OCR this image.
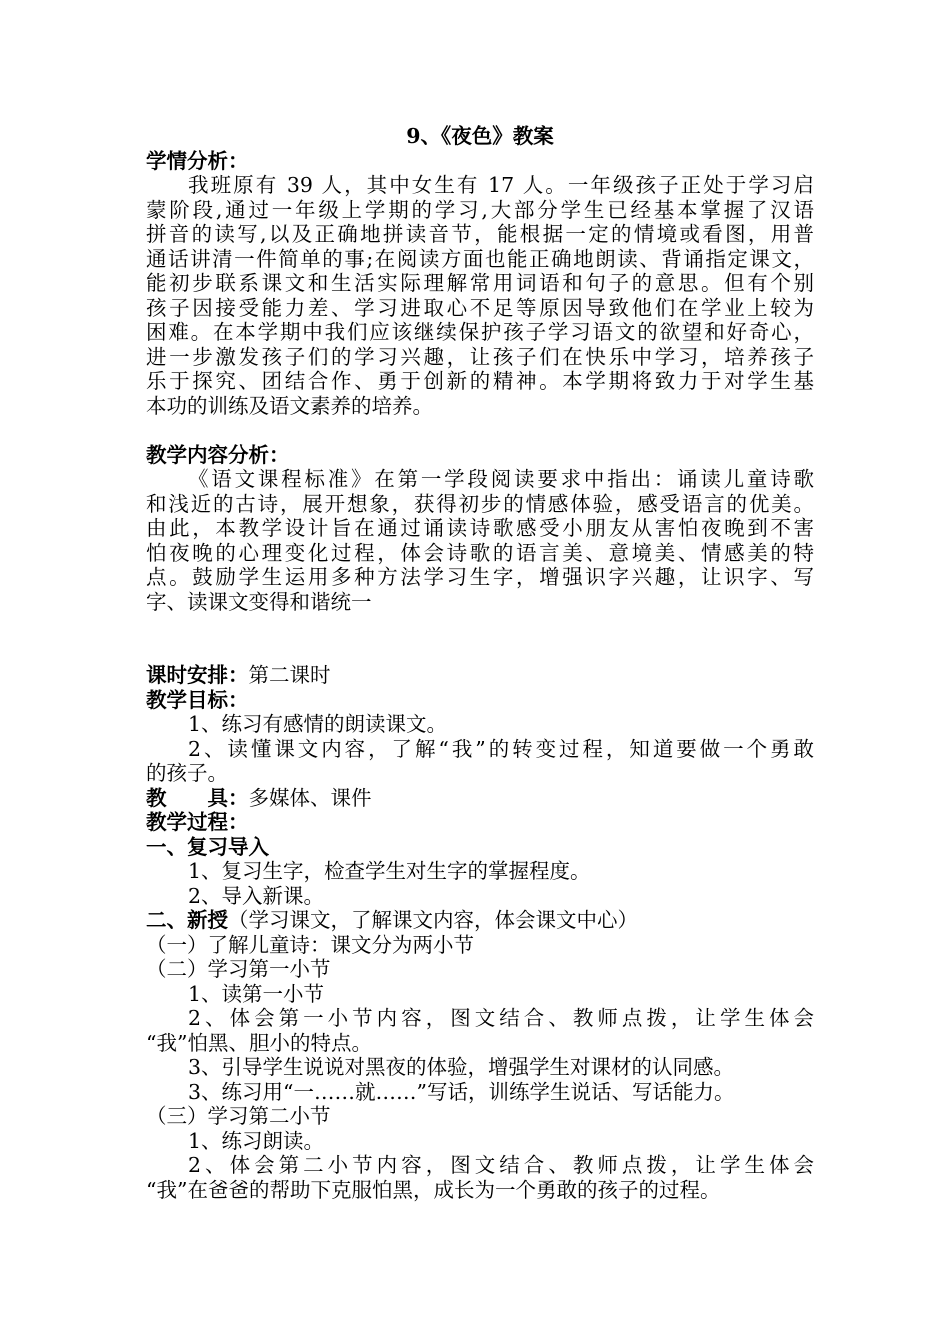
9、《夜色》教案

学情分析：

我班原有 39 人，其中女生有 17 人。一年级孩子正处于学习启

蒙阶段,通过一年级上学期的学习,大部分学生已经基本掌握了汉语

拼音的读写,以及正确地拼读音节，能根据一定的情境或看图，用普

通话讲清一件简单的事;在阅读方面也能正确地朗读、背诵指定课文，

能初步联系课文和生活实际理解常用词语和句子的意思。但有个别

孩子因接受能力差、学习进取心不足等原因导致他们在学业上较为

困难。在本学期中我们应该继续保护孩子学习语文的欲望和好奇心，

进一步激发孩子们的学习兴趣，让孩子们在快乐中学习，培养孩子

乐于探究、团结合作、勇于创新的精神。本学期将致力于对学生基

本功的训练及语文素养的培养。

教学内容分析：

《语文课程标准》在第一学段阅读要求中指出：诵读儿童诗歌

和浅近的古诗，展开想象，获得初步的情感体验，感受语言的优美。

由此，本教学设计旨在通过诵读诗歌感受小朋友从害怕夜晚到不害

怕夜晚的心理变化过程，体会诗歌的语言美、意境美、情感美的特

点。鼓励学生运用多种方法学习生字，增强识字兴趣，让识字、写

字、读课文变得和谐统一

课时安排：第二课时

教学目标：

1、练习有感情的朗读课文。

2、读懂课文内容，了解“我”的转变过程，知道要做一个勇敢

的孩子。

教　　具：多媒体、课件

教学过程：

一、复习导入

1、复习生字，检查学生对生字的掌握程度。

2、导入新课。

二、新授（学习课文，了解课文内容，体会课文中心）

（一）了解儿童诗：课文分为两小节

（二）学习第一小节

1、读第一小节

2、体会第一小节内容，图文结合、教师点拨，让学生体会

“我”怕黑、胆小的特点。

3、引导学生说说对黑夜的体验，增强学生对课材的认同感。

3、练习用“一……就……”写话，训练学生说话、写话能力。

（三）学习第二小节

1、练习朗读。

2、体会第二小节内容，图文结合、教师点拨，让学生体会

“我”在爸爸的帮助下克服怕黑，成长为一个勇敢的孩子的过程。
